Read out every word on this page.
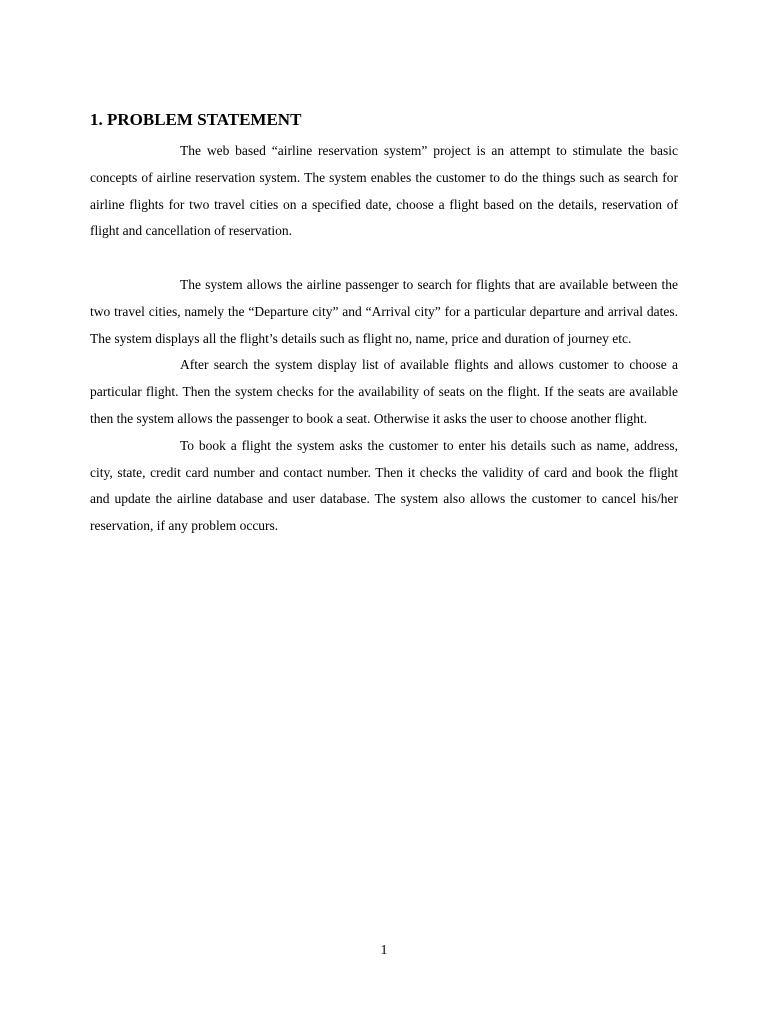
1. PROBLEM STATEMENT

The web based “airline reservation system” project is an attempt to stimulate the basic concepts of airline reservation system. The system enables the customer to do the things such as search for airline flights for two travel cities on a specified date, choose a flight based on the details, reservation of flight and cancellation of reservation.

The system allows the airline passenger to search for flights that are available between the two travel cities, namely the “Departure city” and “Arrival city” for a particular departure and arrival dates. The system displays all the flight’s details such as flight no, name, price and duration of journey etc.

After search the system display list of available flights and allows customer to choose a particular flight. Then the system checks for the availability of seats on the flight. If the seats are available then the system allows the passenger to book a seat. Otherwise it asks the user to choose another flight.

To book a flight the system asks the customer to enter his details such as name, address, city, state, credit card number and contact number. Then it checks the validity of card and book the flight and update the airline database and user database. The system also allows the customer to cancel his/her reservation, if any problem occurs.

1
